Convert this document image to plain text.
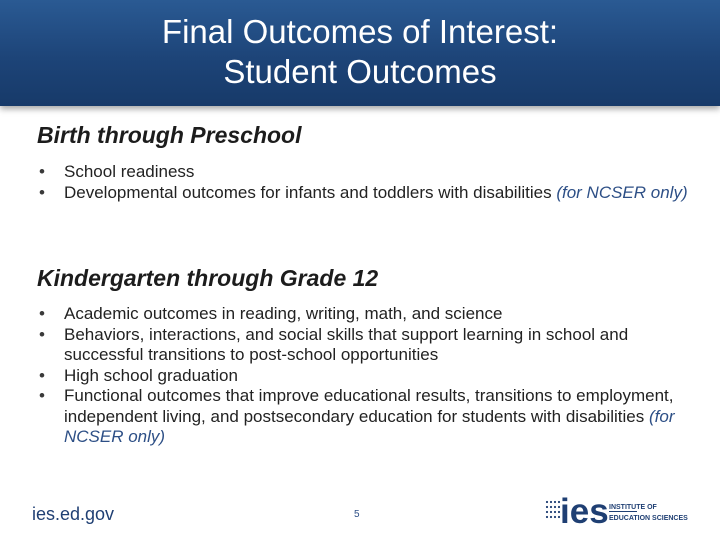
Final Outcomes of Interest:
Student Outcomes
Birth through Preschool
• School readiness
• Developmental outcomes for infants and toddlers with disabilities (for NCSER only)
Kindergarten through Grade 12
• Academic outcomes in reading, writing, math, and science
• Behaviors, interactions, and social skills that support learning in school and successful transitions to post-school opportunities
• High school graduation
• Functional outcomes that improve educational results, transitions to employment, independent living, and postsecondary education for students with disabilities (for NCSER only)
ies.ed.gov	5	ies INSTITUTE OF
EDUCATION SCIENCES
